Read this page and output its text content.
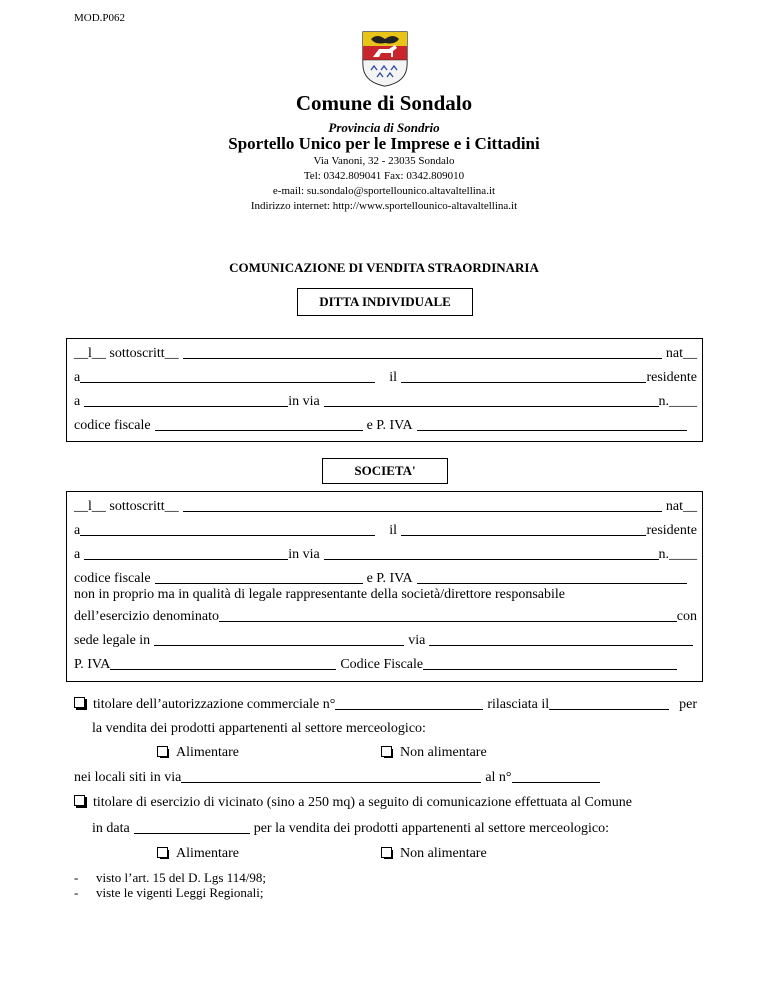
MOD.P062
Comune di Sondalo
Provincia di Sondrio
Sportello Unico per le Imprese e i Cittadini
Via Vanoni, 32 - 23035 Sondalo
Tel: 0342.809041 Fax: 0342.809010
e-mail: su.sondalo@sportellounico.altavaltellina.it
Indirizzo internet: http://www.sportellounico-altavaltellina.it
COMUNICAZIONE DI VENDITA STRAORDINARIA
DITTA INDIVIDUALE
__l__ sottoscritt__	nat__
a	il	residente
a	in via	n.____
codice fiscale	e P. IVA
SOCIETA'
__l__ sottoscritt__	nat__
a	il	residente
a	in via	n.____
codice fiscale	e P. IVA
non in proprio ma in qualità di legale rappresentante della società/direttore responsabile
dell’esercizio denominato	con
sede legale in	via
P. IVA	Codice Fiscale
titolare dell’autorizzazione commerciale n°	rilasciata il	per
la vendita dei prodotti appartenenti al settore merceologico:
Alimentare	Non alimentare
nei locali siti in via	al n°
titolare di esercizio di vicinato (sino a 250 mq) a seguito di comunicazione effettuata al Comune
in data	per la vendita dei prodotti appartenenti al settore merceologico:
Alimentare	Non alimentare
- visto l’art. 15 del D. Lgs 114/98;
- viste le vigenti Leggi Regionali;
